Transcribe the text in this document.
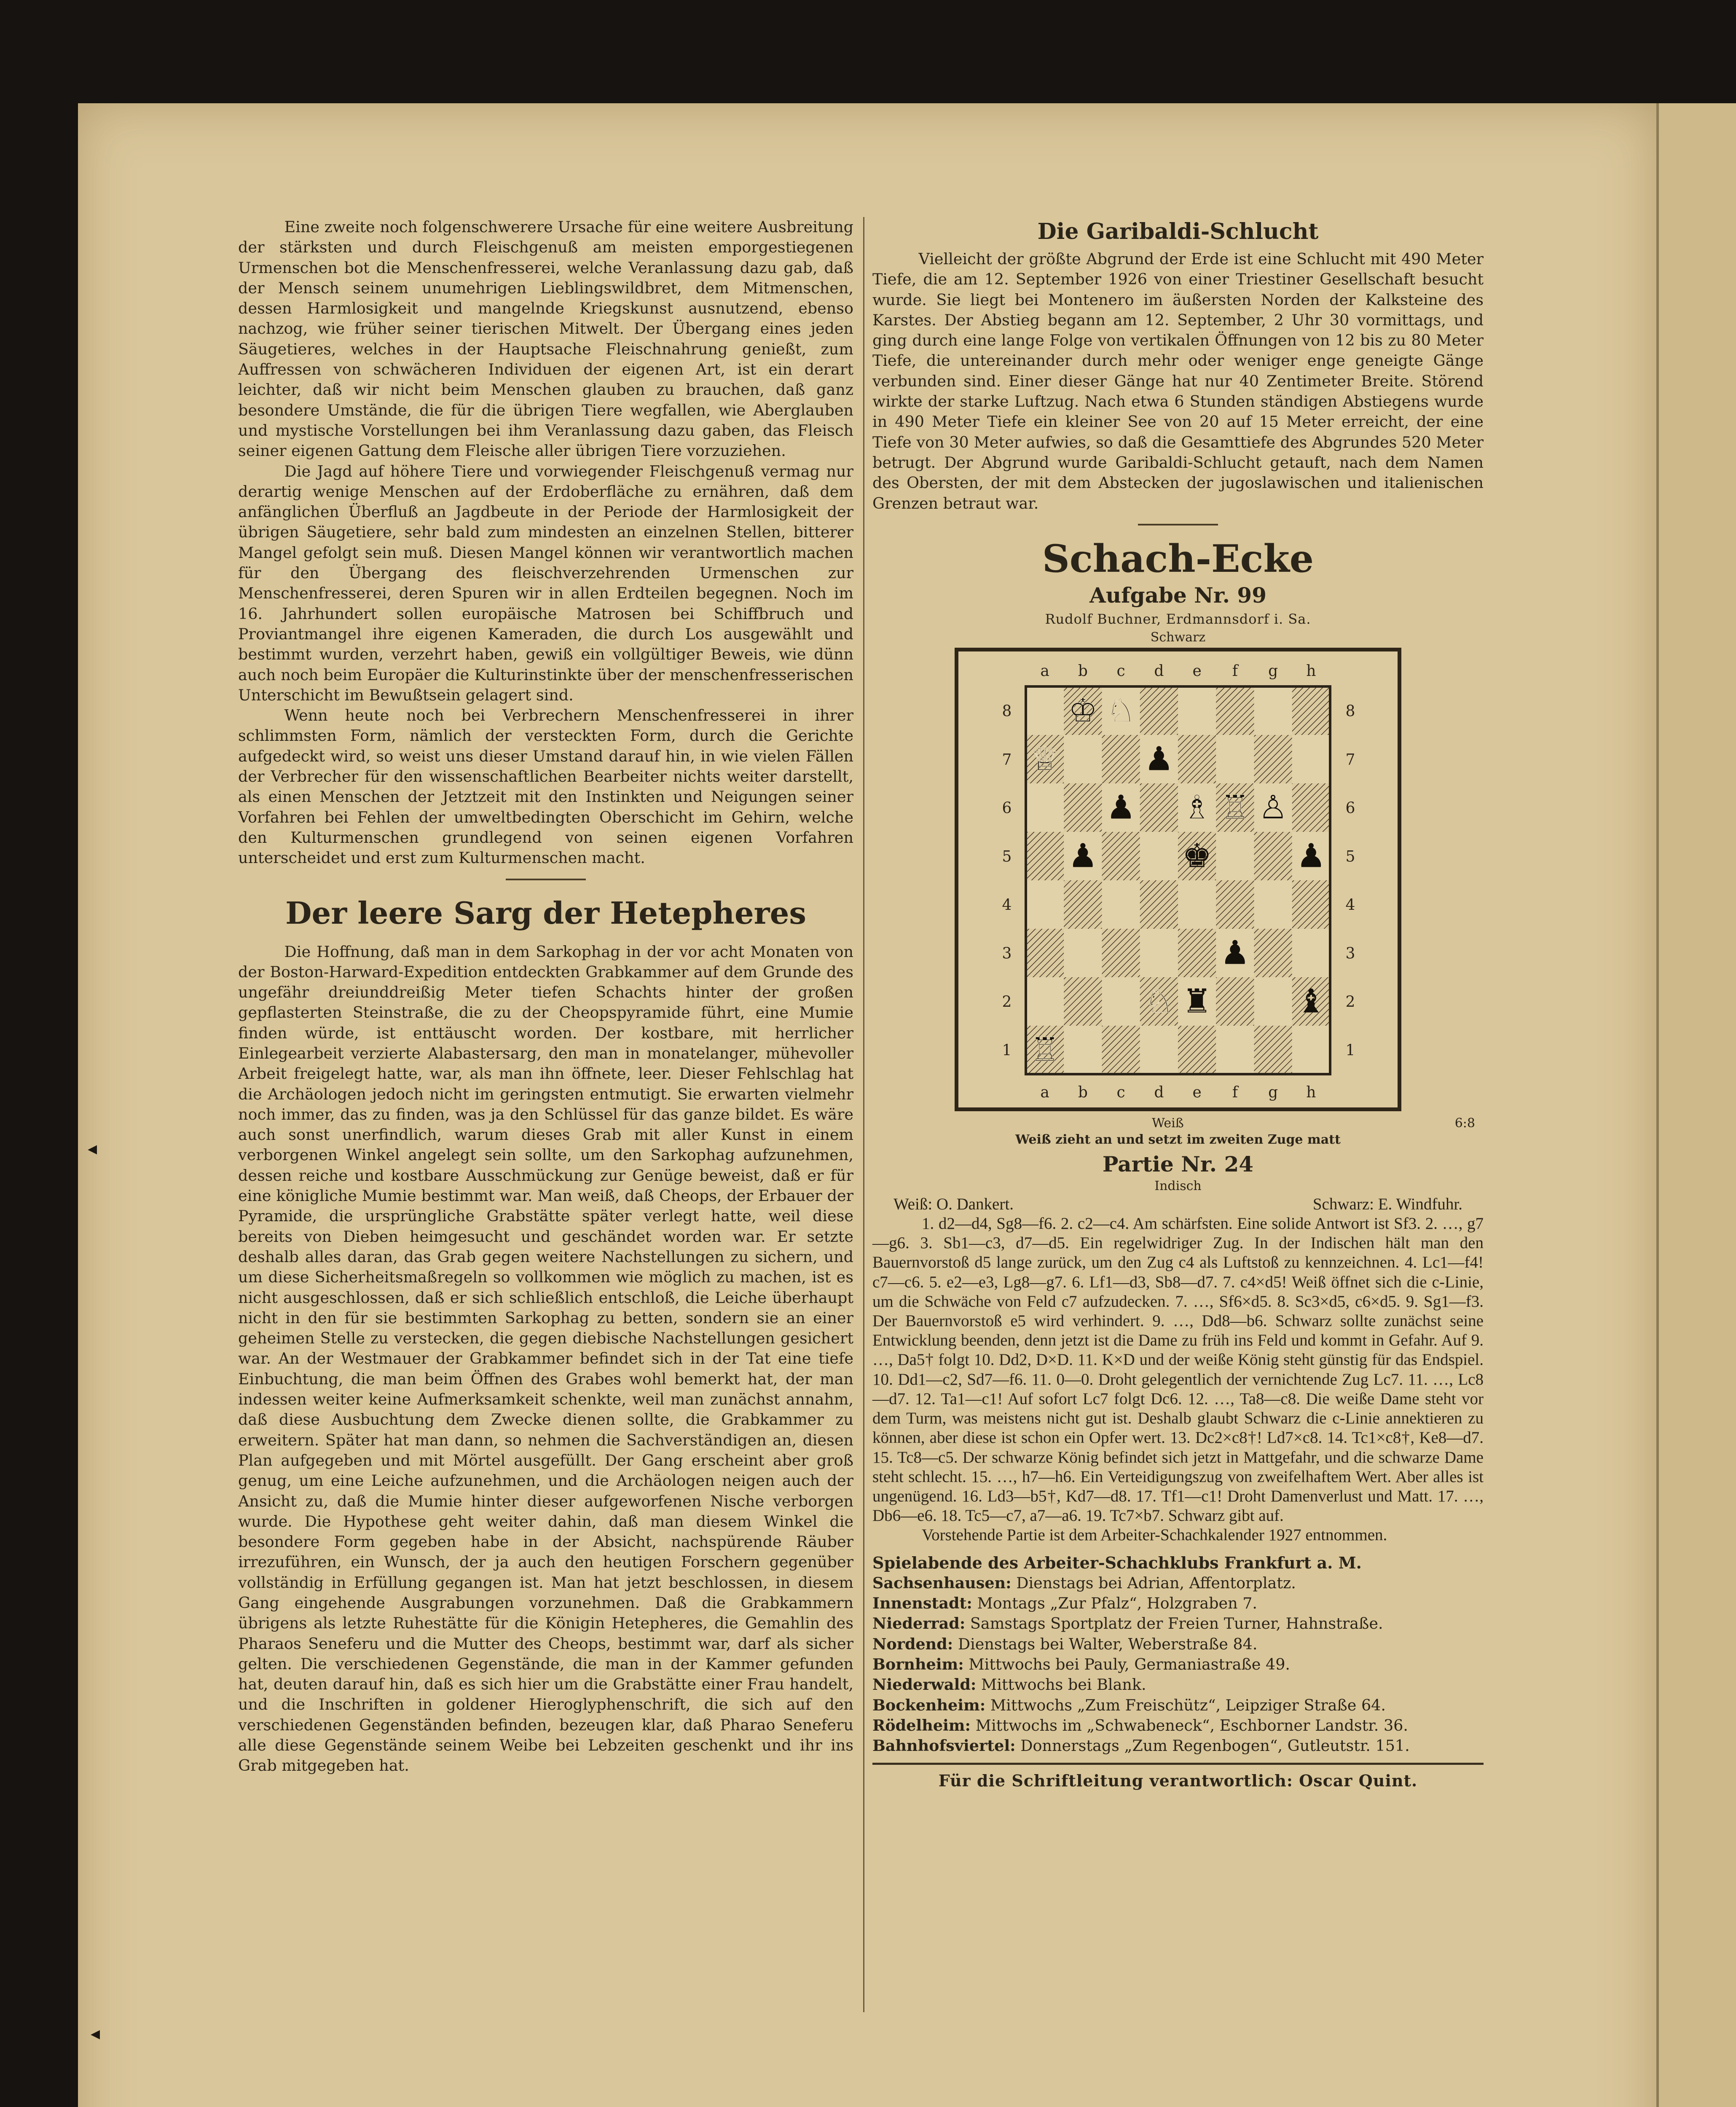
◂
◂

Eine zweite noch folgenschwerere Ursache für eine weitere Ausbreitung der stärksten und durch Fleischgenuß am meisten emporgestiegenen Urmenschen bot die Menschenfresserei, welche Veranlassung dazu gab, daß der Mensch seinem unumehrigen Lieblingswildbret, dem Mitmenschen, dessen Harmlosigkeit und mangelnde Kriegskunst ausnutzend, ebenso nachzog, wie früher seiner tierischen Mitwelt. Der Übergang eines jeden Säugetieres, welches in der Hauptsache Fleischnahrung genießt, zum Auffressen von schwächeren Individuen der eigenen Art, ist ein derart leichter, daß wir nicht beim Menschen glauben zu brauchen, daß ganz besondere Umstände, die für die übrigen Tiere wegfallen, wie Aberglauben und mystische Vorstellungen bei ihm Veranlassung dazu gaben, das Fleisch seiner eigenen Gattung dem Fleische aller übrigen Tiere vorzuziehen.

Die Jagd auf höhere Tiere und vorwiegender Fleischgenuß vermag nur derartig wenige Menschen auf der Erdoberfläche zu ernähren, daß dem anfänglichen Überfluß an Jagdbeute in der Periode der Harmlosigkeit der übrigen Säugetiere, sehr bald zum mindesten an einzelnen Stellen, bitterer Mangel gefolgt sein muß. Diesen Mangel können wir verantwortlich machen für den Übergang des fleischverzehrenden Urmenschen zur Menschenfresserei, deren Spuren wir in allen Erdteilen begegnen. Noch im 16. Jahrhundert sollen europäische Matrosen bei Schiffbruch und Proviantmangel ihre eigenen Kameraden, die durch Los ausgewählt und bestimmt wurden, verzehrt haben, gewiß ein vollgültiger Beweis, wie dünn auch noch beim Europäer die Kulturinstinkte über der menschenfresserischen Unterschicht im Bewußtsein gelagert sind.

Wenn heute noch bei Verbrechern Menschenfresserei in ihrer schlimmsten Form, nämlich der versteckten Form, durch die Gerichte aufgedeckt wird, so weist uns dieser Umstand darauf hin, in wie vielen Fällen der Verbrecher für den wissenschaftlichen Bearbeiter nichts weiter darstellt, als einen Menschen der Jetztzeit mit den Instinkten und Neigungen seiner Vorfahren bei Fehlen der umweltbedingten Oberschicht im Gehirn, welche den Kulturmenschen grundlegend von seinen eigenen Vorfahren unterscheidet und erst zum Kulturmenschen macht.

Der leere Sarg der Hetepheres

Die Hoffnung, daß man in dem Sarkophag in der vor acht Monaten von der Boston-Harward-Expedition entdeckten Grabkammer auf dem Grunde des ungefähr dreiunddreißig Meter tiefen Schachts hinter der großen gepflasterten Steinstraße, die zu der Cheopspyramide führt, eine Mumie finden würde, ist enttäuscht worden. Der kostbare, mit herrlicher Einlegearbeit verzierte Alabastersarg, den man in monatelanger, mühevoller Arbeit freigelegt hatte, war, als man ihn öffnete, leer. Dieser Fehlschlag hat die Archäologen jedoch nicht im geringsten entmutigt. Sie erwarten vielmehr noch immer, das zu finden, was ja den Schlüssel für das ganze bildet. Es wäre auch sonst unerfindlich, warum dieses Grab mit aller Kunst in einem verborgenen Winkel angelegt sein sollte, um den Sarkophag aufzunehmen, dessen reiche und kostbare Ausschmückung zur Genüge beweist, daß er für eine königliche Mumie bestimmt war. Man weiß, daß Cheops, der Erbauer der Pyramide, die ursprüngliche Grabstätte später verlegt hatte, weil diese bereits von Dieben heimgesucht und geschändet worden war. Er setzte deshalb alles daran, das Grab gegen weitere Nachstellungen zu sichern, und um diese Sicherheitsmaßregeln so vollkommen wie möglich zu machen, ist es nicht ausgeschlossen, daß er sich schließlich entschloß, die Leiche überhaupt nicht in den für sie bestimmten Sarkophag zu betten, sondern sie an einer geheimen Stelle zu verstecken, die gegen diebische Nachstellungen gesichert war. An der Westmauer der Grabkammer befindet sich in der Tat eine tiefe Einbuchtung, die man beim Öffnen des Grabes wohl bemerkt hat, der man indessen weiter keine Aufmerksamkeit schenkte, weil man zunächst annahm, daß diese Ausbuchtung dem Zwecke dienen sollte, die Grabkammer zu erweitern. Später hat man dann, so nehmen die Sachverständigen an, diesen Plan aufgegeben und mit Mörtel ausgefüllt. Der Gang erscheint aber groß genug, um eine Leiche aufzunehmen, und die Archäologen neigen auch der Ansicht zu, daß die Mumie hinter dieser aufgeworfenen Nische verborgen wurde. Die Hypothese geht weiter dahin, daß man diesem Winkel die besondere Form gegeben habe in der Absicht, nachspürende Räuber irrezuführen, ein Wunsch, der ja auch den heutigen Forschern gegenüber vollständig in Erfüllung gegangen ist. Man hat jetzt beschlossen, in diesem Gang eingehende Ausgrabungen vorzunehmen. Daß die Grabkammern übrigens als letzte Ruhestätte für die Königin Hetepheres, die Gemahlin des Pharaos Seneferu und die Mutter des Cheops, bestimmt war, darf als sicher gelten. Die verschiedenen Gegenstände, die man in der Kammer gefunden hat, deuten darauf hin, daß es sich hier um die Grabstätte einer Frau handelt, und die Inschriften in goldener Hieroglyphenschrift, die sich auf den verschiedenen Gegenständen befinden, bezeugen klar, daß Pharao Seneferu alle diese Gegenstände seinem Weibe bei Lebzeiten geschenkt und ihr ins Grab mitgegeben hat.

Die Garibaldi-Schlucht

Vielleicht der größte Abgrund der Erde ist eine Schlucht mit 490 Meter Tiefe, die am 12. September 1926 von einer Triestiner Gesellschaft besucht wurde. Sie liegt bei Montenero im äußersten Norden der Kalksteine des Karstes. Der Abstieg begann am 12. September, 2 Uhr 30 vormittags, und ging durch eine lange Folge von vertikalen Öffnungen von 12 bis zu 80 Meter Tiefe, die untereinander durch mehr oder weniger enge geneigte Gänge verbunden sind. Einer dieser Gänge hat nur 40 Zentimeter Breite. Störend wirkte der starke Luftzug. Nach etwa 6 Stunden ständigen Abstiegens wurde in 490 Meter Tiefe ein kleiner See von 20 auf 15 Meter erreicht, der eine Tiefe von 30 Meter aufwies, so daß die Gesamttiefe des Abgrundes 520 Meter betrugt. Der Abgrund wurde Garibaldi-Schlucht getauft, nach dem Namen des Obersten, der mit dem Abstecken der jugoslawischen und italienischen Grenzen betraut war.

Schach-Ecke
Aufgabe Nr. 99
Rudolf Buchner, Erdmannsdorf i. Sa.
Schwarz
a
a
b
b
c
c
d
d
e
e
f
f
g
g
h
h
8	8
7	7
6	6
5	5
4	4
3	3
2	2
1	1
♔ ♘
♕	♟
♟ ♗ ♖ ♙
♟	♚	♟
♟
♘ ♜	♝
♖
Weiß	6:8
Weiß zieht an und setzt im zweiten Zuge matt
Partie Nr. 24
Indisch
Weiß: O. Dankert.	Schwarz: E. Windfuhr.

1. d2—d4, Sg8—f6. 2. c2—c4. Am schärfsten. Eine solide Antwort ist Sf3. 2. …, g7—g6. 3. Sb1—c3, d7—d5. Ein regelwidriger Zug. In der Indischen hält man den Bauernvorstoß d5 lange zurück, um den Zug c4 als Luftstoß zu kennzeichnen. 4. Lc1—f4! c7—c6. 5. e2—e3, Lg8—g7. 6. Lf1—d3, Sb8—d7. 7. c4×d5! Weiß öffnet sich die c-Linie, um die Schwäche von Feld c7 aufzudecken. 7. …, Sf6×d5. 8. Sc3×d5, c6×d5. 9. Sg1—f3. Der Bauernvorstoß e5 wird verhindert. 9. …, Dd8—b6. Schwarz sollte zunächst seine Entwicklung beenden, denn jetzt ist die Dame zu früh ins Feld und kommt in Gefahr. Auf 9. …, Da5† folgt 10. Dd2, D×D. 11. K×D und der weiße König steht günstig für das Endspiel. 10. Dd1—c2, Sd7—f6. 11. 0—0. Droht gelegentlich der vernichtende Zug Lc7. 11. …, Lc8—d7. 12. Ta1—c1! Auf sofort Lc7 folgt Dc6. 12. …, Ta8—c8. Die weiße Dame steht vor dem Turm, was meistens nicht gut ist. Deshalb glaubt Schwarz die c-Linie annektieren zu können, aber diese ist schon ein Opfer wert. 13. Dc2×c8†! Ld7×c8. 14. Tc1×c8†, Ke8—d7. 15. Tc8—c5. Der schwarze König befindet sich jetzt in Mattgefahr, und die schwarze Dame steht schlecht. 15. …, h7—h6. Ein Verteidigungszug von zweifelhaftem Wert. Aber alles ist ungenügend. 16. Ld3—b5†, Kd7—d8. 17. Tf1—c1! Droht Damenverlust und Matt. 17. …, Db6—e6. 18. Tc5—c7, a7—a6. 19. Tc7×b7. Schwarz gibt auf.

Vorstehende Partie ist dem Arbeiter-Schachkalender 1927 entnommen.

Spielabende des Arbeiter-Schachklubs Frankfurt a. M.
Sachsenhausen: Dienstags bei Adrian, Affentorplatz.
Innenstadt: Montags „Zur Pfalz“, Holzgraben 7.
Niederrad: Samstags Sportplatz der Freien Turner, Hahnstraße.
Nordend: Dienstags bei Walter, Weberstraße 84.
Bornheim: Mittwochs bei Pauly, Germaniastraße 49.
Niederwald: Mittwochs bei Blank.
Bockenheim: Mittwochs „Zum Freischütz“, Leipziger Straße 64.
Rödelheim: Mittwochs im „Schwabeneck“, Eschborner Landstr. 36.
Bahnhofsviertel: Donnerstags „Zum Regenbogen“, Gutleutstr. 151.
Für die Schriftleitung verantwortlich: Oscar Quint.
